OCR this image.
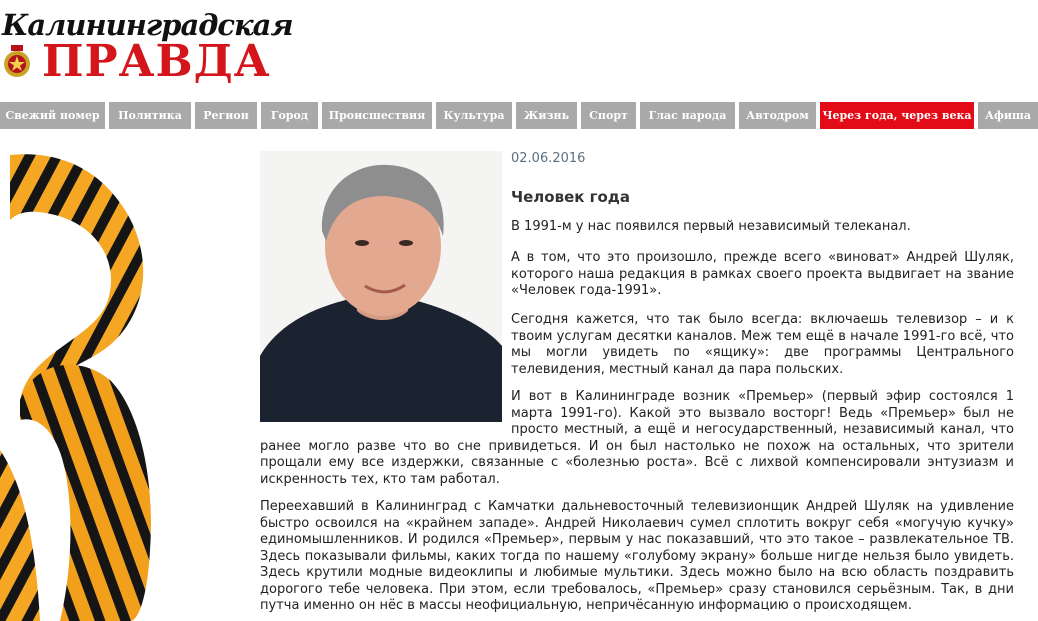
Калининградская
ПРАВДА
Свежий номер	Политика	Регион	Город	Происшествия	Культура	Жизнь	Спорт	Глас народа	Автодром	Через года, через века	Афиша
02.06.2016
Человек года

В 1991-м у нас появился первый независимый телеканал.

А в том, что это произошло, прежде всего «виноват» Андрей Шуляк, которого наша редакция в рамках своего проекта выдвигает на звание «Человек года-1991».

Сегодня кажется, что так было всегда: включаешь телевизор – и к твоим услугам десятки каналов. Меж тем ещё в начале 1991-го всё, что мы могли увидеть по «ящику»: две программы Центрального телевидения, местный канал да пара польских.

И вот в Калининграде возник «Премьер» (первый эфир состоялся 1 марта 1991-го). Какой это вызвало восторг! Ведь «Премьер» был не просто местный, а ещё и негосударственный, независимый канал, что ранее могло разве что во сне привидеться. И он был настолько не похож на остальных, что зрители прощали ему все издержки, связанные с «болезнью роста». Всё с лихвой компенсировали энтузиазм и искренность тех, кто там работал.

Переехавший в Калининград с Камчатки дальневосточный телевизионщик Андрей Шуляк на удивление быстро освоился на «крайнем западе». Андрей Николаевич сумел сплотить вокруг себя «могучую кучку» единомышленников. И родился «Премьер», первым у нас показавший, что это такое – развлекательное ТВ. Здесь показывали фильмы, каких тогда по нашему «голубому экрану» больше нигде нельзя было увидеть. Здесь крутили модные видеоклипы и любимые мультики. Здесь можно было на всю область поздравить дорогого тебе человека. При этом, если требовалось, «Премьер» сразу становился серьёзным. Так, в дни путча именно он нёс в массы неофициальную, непричёсанную информацию о происходящем.
